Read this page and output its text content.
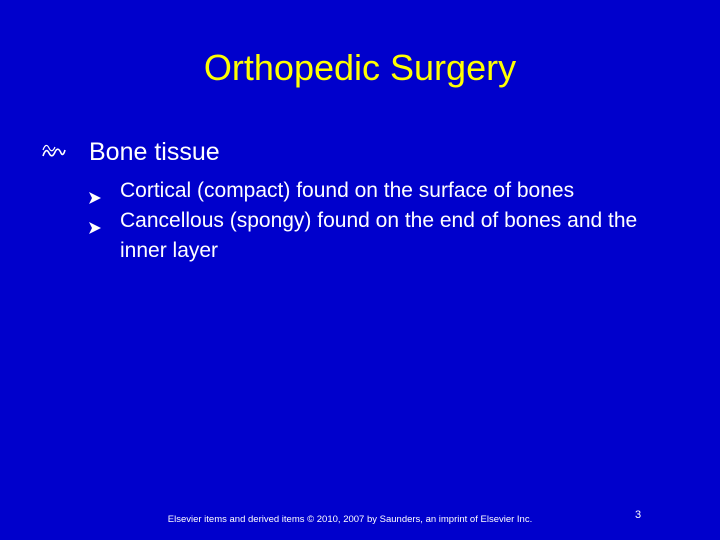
Orthopedic Surgery
Bone tissue
Cortical (compact) found on the surface of bones
Cancellous (spongy) found on the end of bones and the inner layer
Elsevier items and derived items © 2010, 2007 by Saunders, an imprint of Elsevier Inc.	3
